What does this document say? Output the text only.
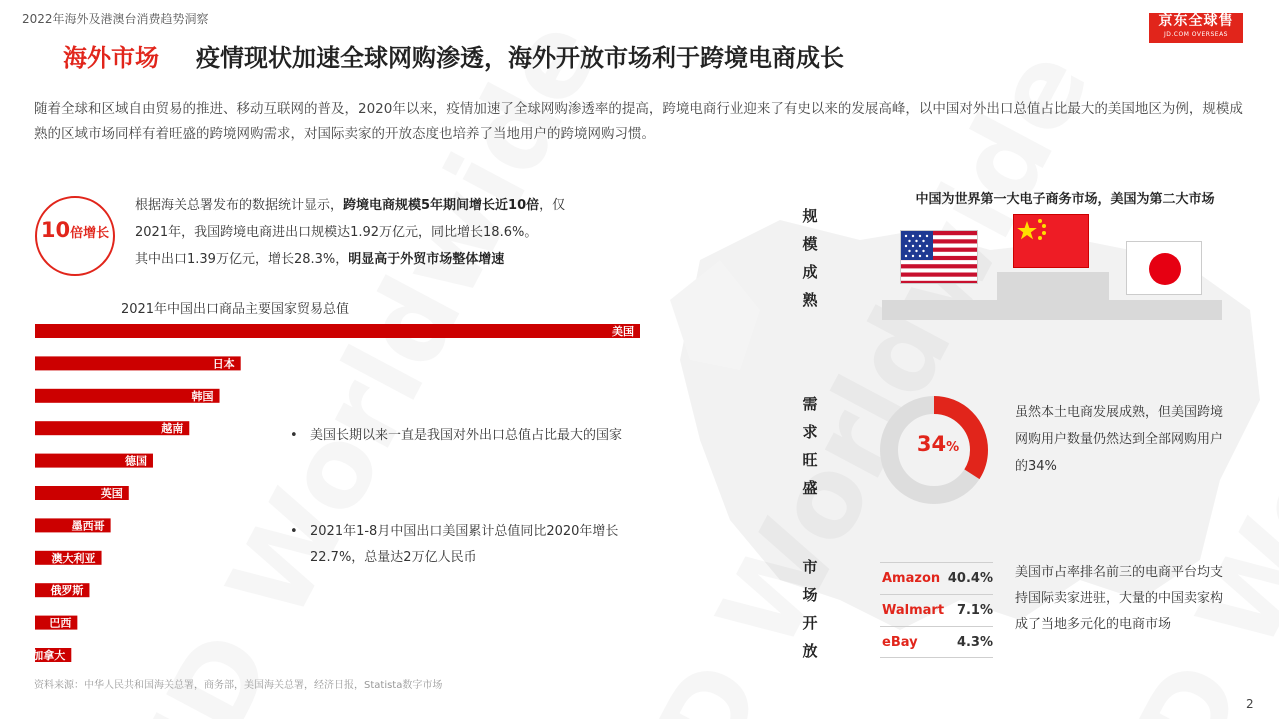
2022年海外及港澳台消费趋势洞察	京东全球售
JD.COM OVERSEAS
海外市场 疫情现状加速全球网购渗透，海外开放市场利于跨境电商成长
随着全球和区域自由贸易的推进、移动互联网的普及，2020年以来，疫情加速了全球网购渗透率的提高，跨境电商行业迎来了有史以来的发展高峰，以中国对外出口总值占比最大的美国地区为例，规模成熟的区域市场同样有着旺盛的跨境网购需求，对国际卖家的开放态度也培养了当地用户的跨境网购习惯。
10倍增长
根据海关总署发布的数据统计显示，跨境电商规模5年期间增长近10倍，仅
2021年，我国跨境电商进出口规模达1.92万亿元，同比增长18.6%。
其中出口1.39万亿元，增长28.3%，明显高于外贸市场整体增速
2021年中国出口商品主要国家贸易总值
美国
日本
韩国
越南
德国
英国
墨西哥
澳大利亚
俄罗斯
巴西
加拿大
• 美国长期以来一直是我国对外出口总值占比最大的国家
• 2021年1-8月中国出口美国累计总值同比2020年增长22.7%，总量达2万亿人民币
规模成熟
需求旺盛
市场开放
中国为世界第一大电子商务市场，美国为第二大市场
34%
虽然本土电商发展成熟，但美国跨境网购用户数量仍然达到全部网购用户的34%
Amazon 40.4%
Walmart 7.1%
eBay	4.3%
美国市占率排名前三的电商平台均支持国际卖家进驻，大量的中国卖家构成了当地多元化的电商市场
资料来源：中华人民共和国海关总署，商务部，美国海关总署，经济日报，Statista数字市场
2
